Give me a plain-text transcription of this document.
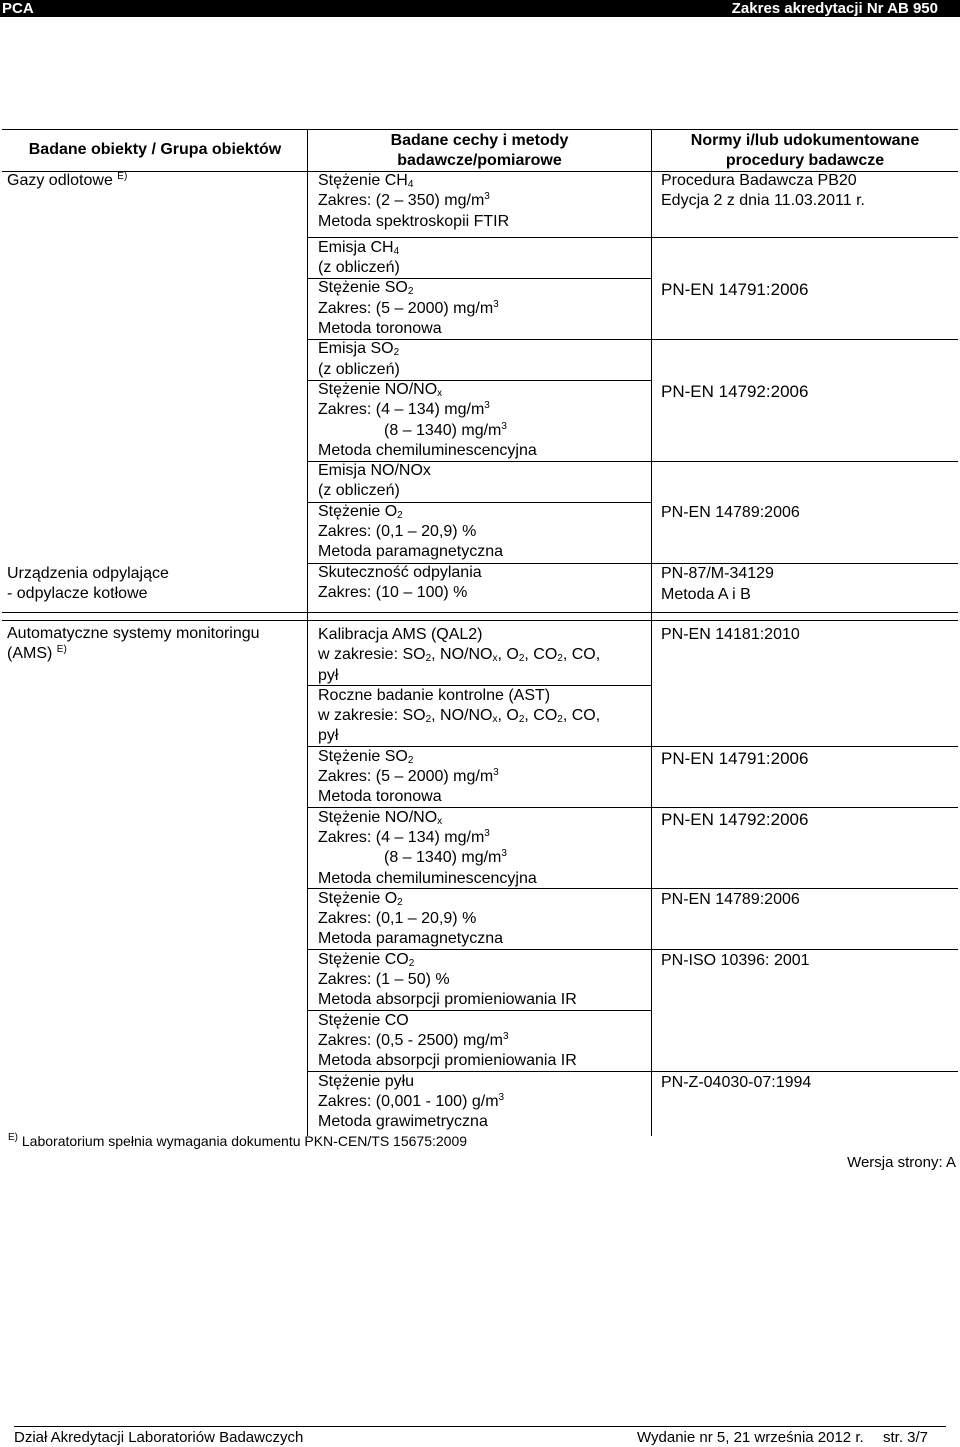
PCA	Zakres akredytacji Nr AB 950
Badane obiekty / Grupa obiektów
Badane cechy i metody
badawcze/pomiarowe
Normy i/lub udokumentowane
procedury badawcze
Gazy odlotowe $^{E)}$
Urządzenia odpylające
- odpylacze kotłowe
Automatyczne systemy monitoringu
(AMS) $^{E)}$
Stężenie $CH_4$
Zakres: (2 – 350) $mg/m^3$
Metoda spektroskopii FTIR
Emisja $CH_4$
(z obliczeń)
Stężenie $SO_2$
Zakres: (5 – 2000) $mg/m^3$
Metoda toronowa
Emisja $SO_2$
(z obliczeń)
Stężenie $NO/NO_x$
Zakres: (4 – 134) $mg/m^3$
(8 – 1340) $mg/m^3$
Metoda chemiluminescencyjna
Emisja NO/NOx
(z obliczeń)
Stężenie $O_2$
Zakres: (0,1 – 20,9) %
Metoda paramagnetyczna
Skuteczność odpylania
Zakres: (10 – 100) %
Procedura Badawcza PB20
Edycja 2 z dnia 11.03.2011 r.
PN-EN 14791:2006
PN-EN 14792:2006
PN-EN 14789:2006
PN-87/M-34129
Metoda A i B
Kalibracja AMS (QAL2)
w zakresie: $SO_2$, $NO/NO_x$, $O_2$, $CO_2$, CO,
pył
Roczne badanie kontrolne (AST)
w zakresie: $SO_2$, $NO/NO_x$, $O_2$, $CO_2$, CO,
pył
Stężenie $SO_2$
Zakres: (5 – 2000) $mg/m^3$
Metoda toronowa
Stężenie $NO/NO_x$
Zakres: (4 – 134) $mg/m^3$
(8 – 1340) $mg/m^3$
Metoda chemiluminescencyjna
Stężenie $O_2$
Zakres: (0,1 – 20,9) %
Metoda paramagnetyczna
Stężenie $CO_2$
Zakres: (1 – 50) %
Metoda absorpcji promieniowania IR
Stężenie CO
Zakres: (0,5 - 2500) $mg/m^3$
Metoda absorpcji promieniowania IR
Stężenie pyłu
Zakres: (0,001 - 100) $g/m^3$
Metoda grawimetryczna
PN-EN 14181:2010
PN-EN 14791:2006
PN-EN 14792:2006
PN-EN 14789:2006
PN-ISO 10396: 2001
PN-Z-04030-07:1994
$^{E)}$ Laboratorium spełnia wymagania dokumentu PKN-CEN/TS 15675:2009
Wersja strony: A
Dział Akredytacji Laboratoriów Badawczych	Wydanie nr 5, 21 września 2012 r. str. 3/7
